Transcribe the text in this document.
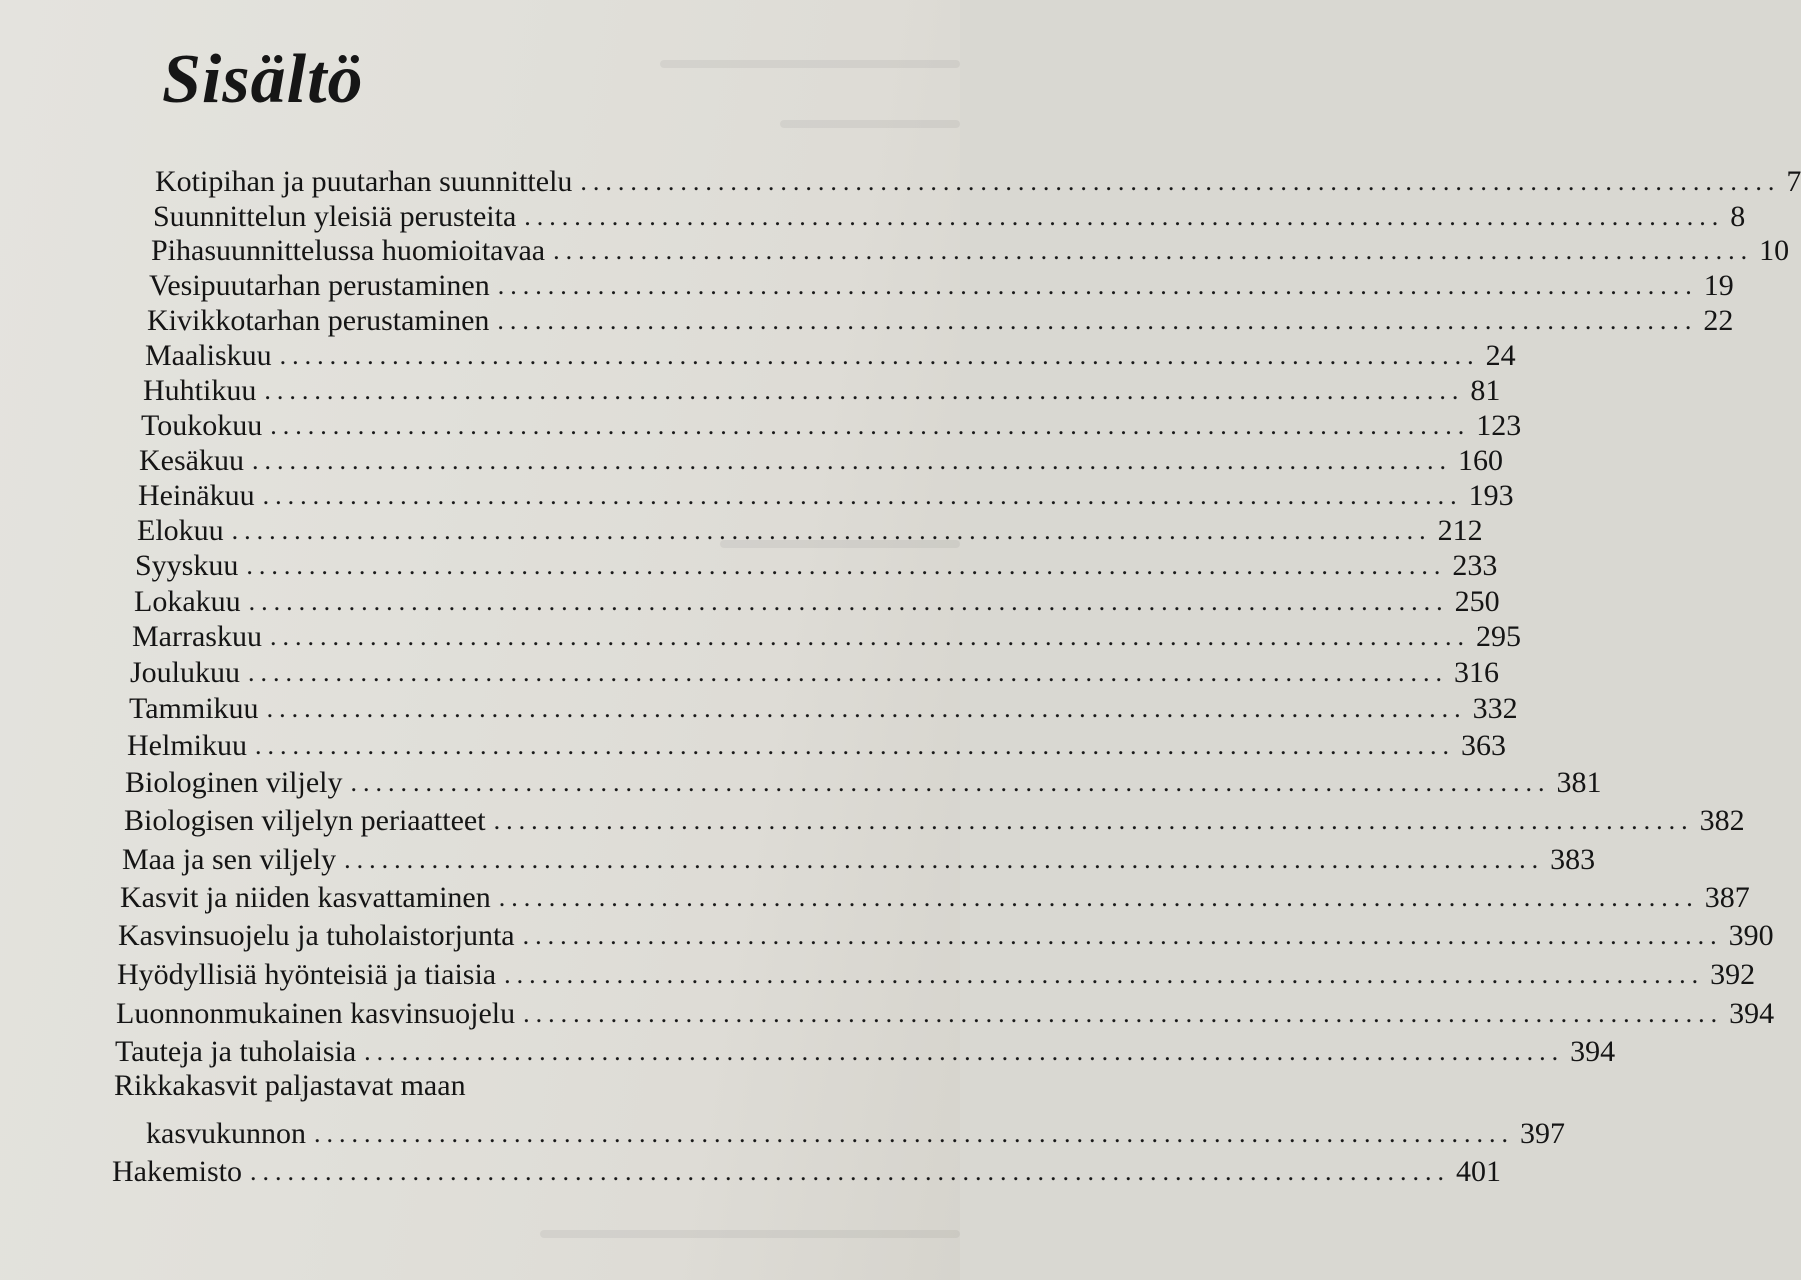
Sisältö
Kotipihan ja puutarhan suunnittelu ................................................................................................ 7
Suunnittelun yleisiä perusteita ................................................................................................ 8
Pihasuunnittelussa huomioitavaa ................................................................................................ 10
Vesipuutarhan perustaminen ................................................................................................ 19
Kivikkotarhan perustaminen ................................................................................................ 22
Maaliskuu ................................................................................................ 24
Huhtikuu ................................................................................................ 81
Toukokuu ................................................................................................ 123
Kesäkuu ................................................................................................ 160
Heinäkuu ................................................................................................ 193
Elokuu ................................................................................................ 212
Syyskuu ................................................................................................ 233
Lokakuu ................................................................................................ 250
Marraskuu ................................................................................................ 295
Joulukuu ................................................................................................ 316
Tammikuu ................................................................................................ 332
Helmikuu ................................................................................................ 363
Biologinen viljely ................................................................................................ 381
Biologisen viljelyn periaatteet ................................................................................................ 382
Maa ja sen viljely ................................................................................................ 383
Kasvit ja niiden kasvattaminen ................................................................................................ 387
Kasvinsuojelu ja tuholaistorjunta ................................................................................................ 390
Hyödyllisiä hyönteisiä ja tiaisia ................................................................................................ 392
Luonnonmukainen kasvinsuojelu ................................................................................................ 394
Tauteja ja tuholaisia ................................................................................................ 394
Rikkakasvit paljastavat maan
kasvukunnon ................................................................................................ 397
Hakemisto ................................................................................................ 401
